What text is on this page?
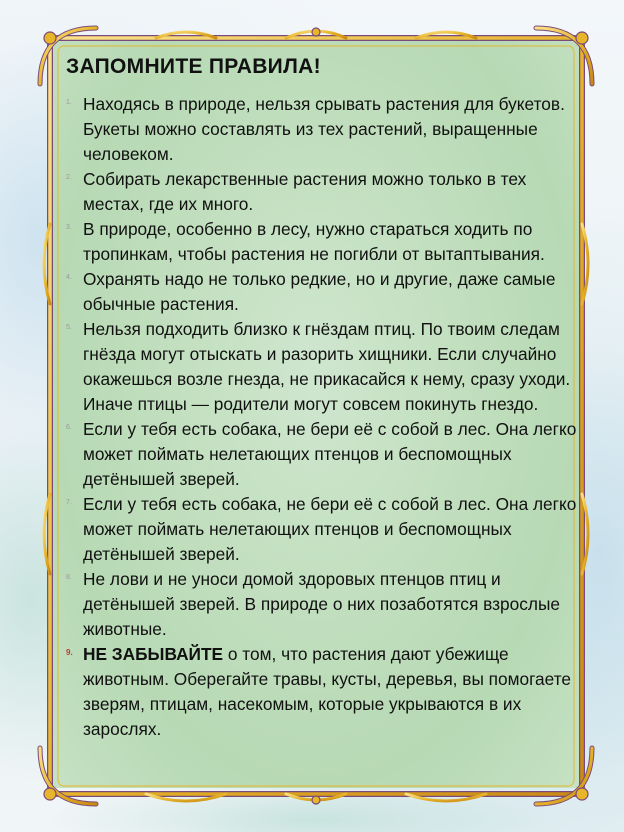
ЗАПОМНИТЕ ПРАВИЛА!
1. Находясь в природе, нельзя срывать растения для букетов. Букеты можно составлять из тех растений, выращенные человеком.
2. Собирать лекарственные растения можно только в тех местах, где их много.
3. В природе, особенно в лесу, нужно стараться ходить по тропинкам, чтобы растения не погибли от вытаптывания.
4. Охранять надо не только редкие, но и другие, даже самые обычные растения.
5. Нельзя подходить близко к гнёздам птиц. По твоим следам гнёзда могут отыскать и разорить хищники. Если случайно окажешься возле гнезда, не прикасайся к нему, сразу уходи. Иначе птицы — родители могут совсем покинуть гнездо.
6. Если у тебя есть собака, не бери её с собой в лес. Она легко может поймать нелетающих птенцов и беспомощных детёнышей зверей.
7. Если у тебя есть собака, не бери её с собой в лес. Она легко может поймать нелетающих птенцов и беспомощных детёнышей зверей.
8. Не лови и не уноси домой здоровых птенцов птиц и детёнышей зверей. В природе о них позаботятся взрослые животные.
9. НЕ ЗАБЫВАЙТЕ о том, что растения дают убежище животным. Оберегайте травы, кусты, деревья, вы помогаете зверям, птицам, насекомым, которые укрываются в их зарослях.
